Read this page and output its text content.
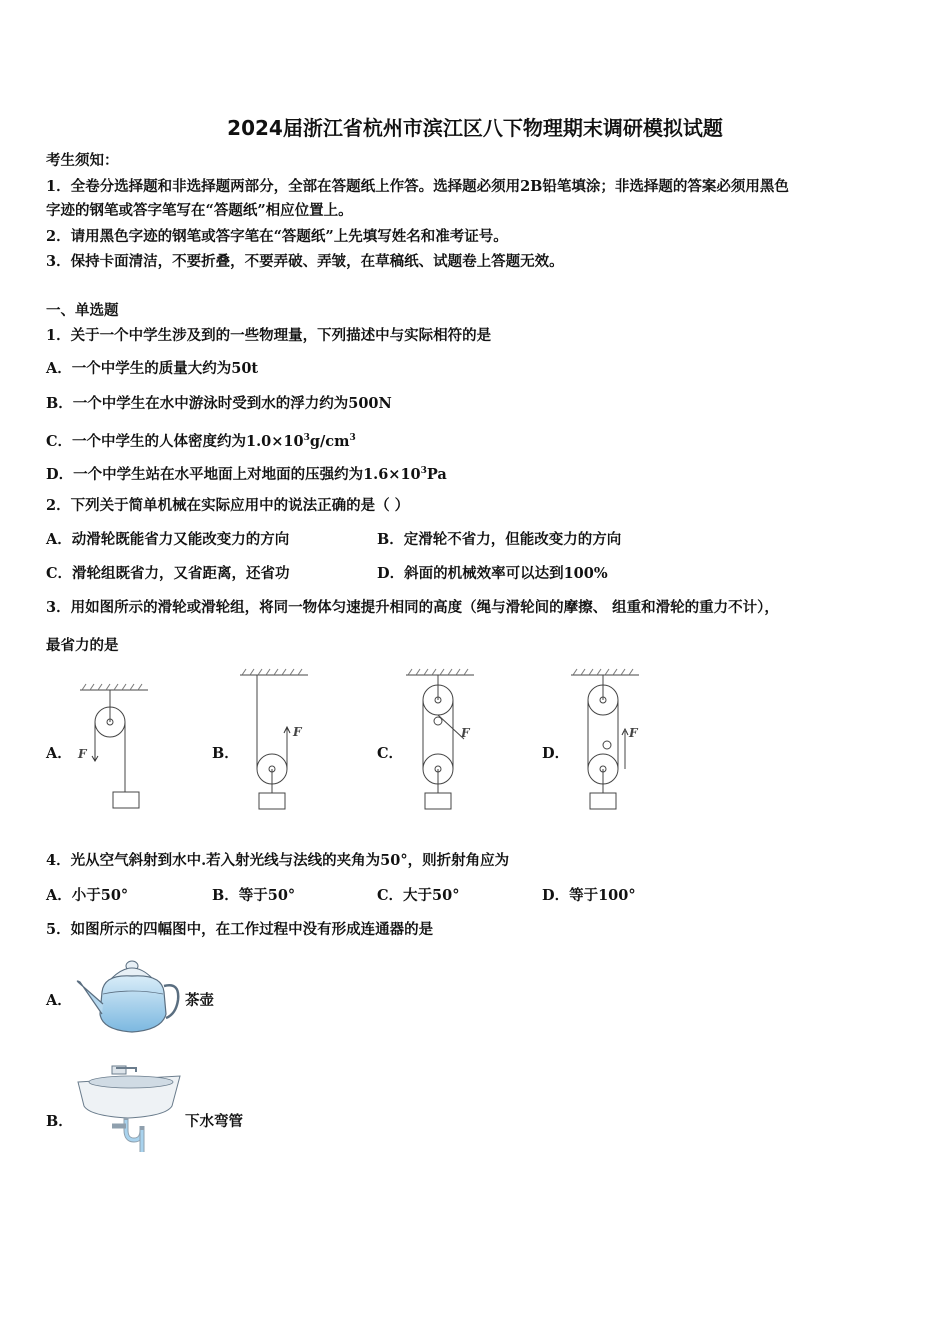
2024届浙江省杭州市滨江区八下物理期末调研模拟试题
考生须知：
1．全卷分选择题和非选择题两部分，全部在答题纸上作答。选择题必须用2B铅笔填涂；非选择题的答案必须用黑色
字迹的钢笔或答字笔写在“答题纸”相应位置上。
2．请用黑色字迹的钢笔或答字笔在“答题纸”上先填写姓名和准考证号。
3．保持卡面清洁，不要折叠，不要弄破、弄皱，在草稿纸、试题卷上答题无效。
一、单选题
1．关于一个中学生涉及到的一些物理量，下列描述中与实际相符的是
A．一个中学生的质量大约为50t
B．一个中学生在水中游泳时受到水的浮力约为500N
C．一个中学生的人体密度约为$1.0\times 10^3g/cm^3$
D．一个中学生站在水平地面上对地面的压强约为$1.6\times 10^3Pa$
2．下列关于简单机械在实际应用中的说法正确的是（ ）
A．动滑轮既能省力又能改变力的方向	B．定滑轮不省力，但能改变力的方向
C．滑轮组既省力，又省距离，还省功	D．斜面的机械效率可以达到100%
3．用如图所示的滑轮或滑轮组，将同一物体匀速提升相同的高度（绳与滑轮间的摩擦、 组重和滑轮的重力不计），
最省力的是
A．	B．	C．	D．
F
F	F	F
4．光从空气斜射到水中.若入射光线与法线的夹角为50°，则折射角应为
A．小于50°	B．等于50°	C．大于50°	D．等于100°
5．如图所示的四幅图中，在工作过程中没有形成连通器的是
A．	茶壶
B．	下水弯管
